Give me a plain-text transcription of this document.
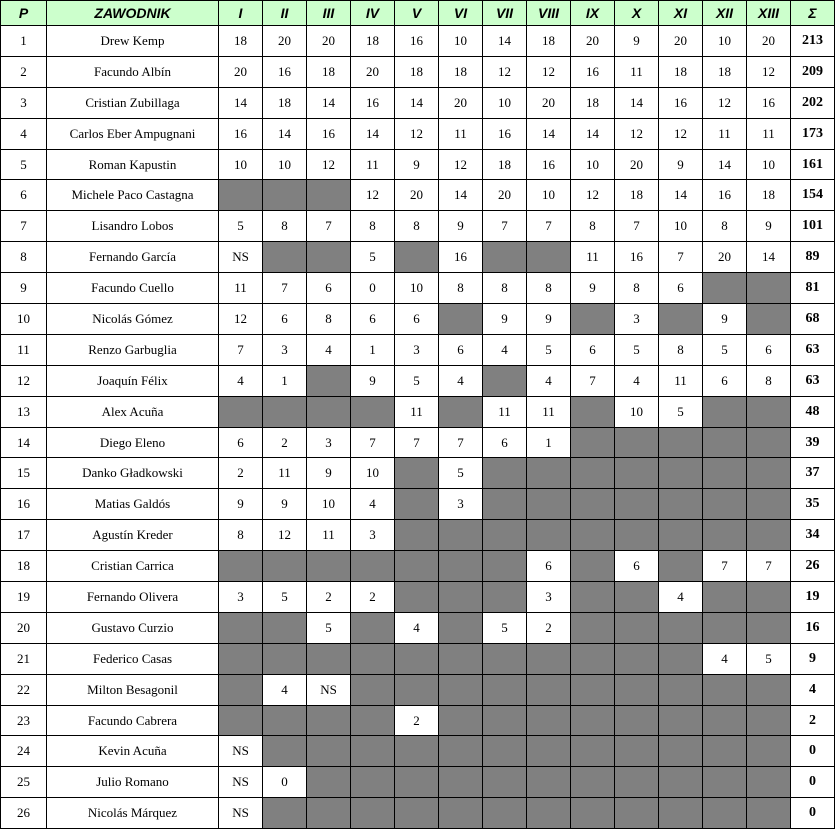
P	ZAWODNIK	I	II	III	IV	V	VI	VII	VIII	IX	X	XI	XII	XIII	Σ
1	Drew Kemp	18	20	20	18	16	10	14	18	20	9	20	10	20	213
2	Facundo Albín	20	16	18	20	18	18	12	12	16	11	18	18	12	209
3	Cristian Zubillaga	14	18	14	16	14	20	10	20	18	14	16	12	16	202
4	Carlos Eber Ampugnani	16	14	16	14	12	11	16	14	14	12	12	11	11	173
5	Roman Kapustin	10	10	12	11	9	12	18	16	10	20	9	14	10	161
6	Michele Paco Castagna				12	20	14	20	10	12	18	14	16	18	154
7	Lisandro Lobos	5	8	7	8	8	9	7	7	8	7	10	8	9	101
8	Fernando García	NS			5		16			11	16	7	20	14	89
9	Facundo Cuello	11	7	6	0	10	8	8	8	9	8	6			81
10	Nicolás Gómez	12	6	8	6	6		9	9		3		9		68
11	Renzo Garbuglia	7	3	4	1	3	6	4	5	6	5	8	5	6	63
12	Joaquín Félix	4	1		9	5	4		4	7	4	11	6	8	63
13	Alex Acuña					11		11	11		10	5			48
14	Diego Eleno	6	2	3	7	7	7	6	1						39
15	Danko Gładkowski	2	11	9	10		5								37
16	Matias Galdós	9	9	10	4		3								35
17	Agustín Kreder	8	12	11	3										34
18	Cristian Carrica								6		6		7	7	26
19	Fernando Olivera	3	5	2	2				3			4			19
20	Gustavo Curzio			5		4		5	2						16
21	Federico Casas												4	5	9
22	Milton Besagonil		4	NS											4
23	Facundo Cabrera					2									2
24	Kevin Acuña	NS													0
25	Julio Romano	NS	0												0
26	Nicolás Márquez	NS													0
